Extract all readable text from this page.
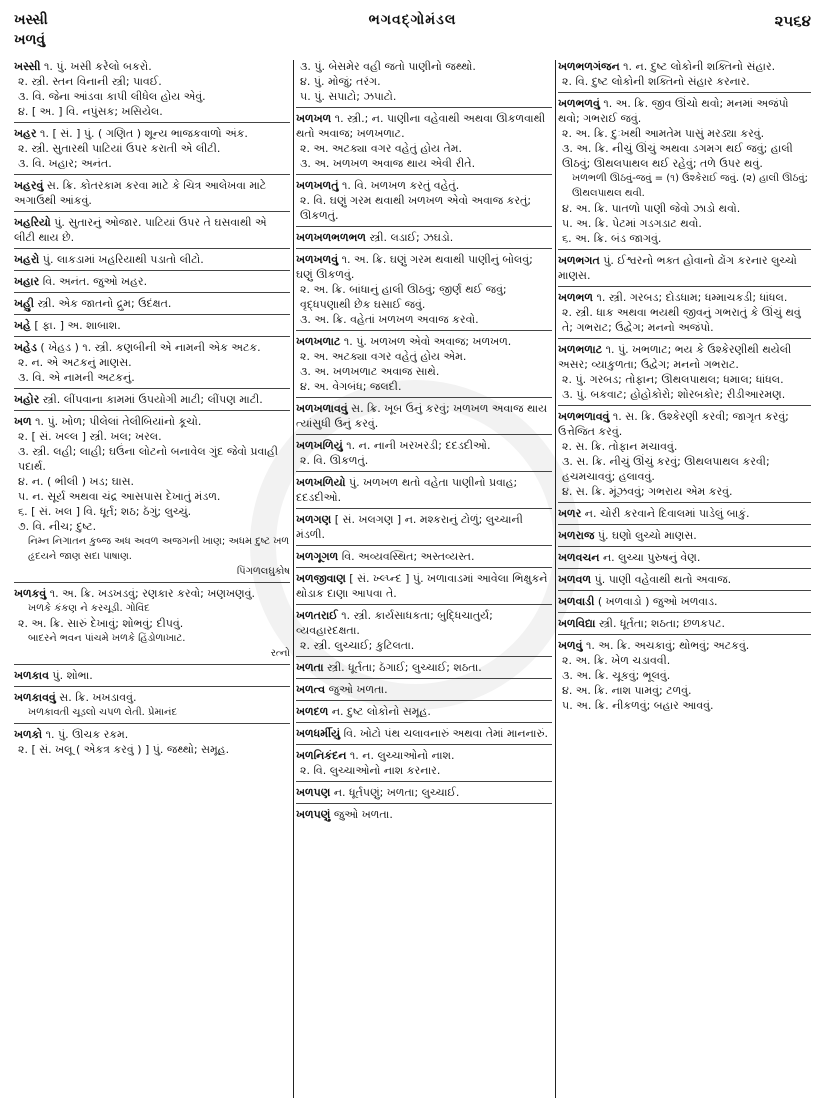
ખસ્સી
ખળવું
ભગવદ્ગોમંડલ	૨૫૬૪
ખસ્સી ૧. પું. ખસી કરેલો બકરો.
૨. સ્ત્રી. સ્તન વિનાની સ્ત્રી; પાવઈ.
૩. વિ. જેના આંડવા કાપી લીધેલ હોય એવું.
૪. [ અ. ] વિ. નપુંસક; ખસિયેલ.
ખહર ૧. [ સં. ] પું. ( ગણિત ) શૂન્ય ભાજકવાળો અંક.
૨. સ્ત્રી. સુતારથી પાટિયાં ઉપર કરાતી એ લીટી.
૩. વિ. ખહાર; અનંત.
ખહરવું સ. ક્રિ. કોતરકામ કરવા માટે કે ચિત્ર આલેખવા માટે અગાઉથી આંકવું.
ખહરિયો પું. સુતારનું ઓજાર. પાટિયાં ઉપર તે ઘસવાથી એ લીટી થાય છે.
ખહરો પું. લાકડામાં ખહરિયાથી પડાતો લીટો.
ખહાર વિ. અનંત. જુઓ ખહર.
ખહુી સ્ત્રી. એક જાતનો દ્રુમ; ઉદંક્ષત.
ખહે [ ફા. ] અ. શાબાશ.
ખહેડ ( ખેહડ ) ૧. સ્ત્રી. કણબીની એ નામની એક અટક.
૨. ન. એ અટકનું માણસ.
૩. વિ. એ નામની અટકનું.
ખહોર સ્ત્રી. લીંપવાના કામમાં ઉપયોગી માટી; લીંપણ માટી.
ખળ ૧. પું. ખોળ; પીલેલાં તેલીબિયાંનો કૂચો.
૨. [ સં. ખલ્લ ] સ્ત્રી. ખલ; ખરલ.
૩. સ્ત્રી. લહી; લાહી; ઘઉંના લોટનો બનાવેલ ગુંદ જેવો પ્રવાહી પદાર્થ.
૪. ન. ( ભીલી ) ખડ; ઘાસ.
૫. ન. સૂર્ય અથવા ચંદ્ર આસપાસ દેખાતું મંડળ.
૬. [ સં. ખલ ] વિ. ધૂર્ત; શઠ; ઠૅગું; લુચ્ચું.
૭. વિ. નીચ; દુષ્ટ.
નિમ્ન નિગાતન કુબ્જ અધ અવળ અજગની ખાણ; અધમ દુષ્ટ ખળ હૃદયને જાણ સદા પાષાણ.
પિંગળલઘુકોષ
ખળકવું ૧. અ. ક્રિ. ખડખડવું; રણકાર કરવો; ખણખણવું.
ખળકે કંકણ ને કરચૂડી. ગોવિંદ
૨. અ. ક્રિ. સારું દેખાવું; શોભવું; દીપવું.
બાદરને ભવન પાંચમે ખળકે હિંડોળાખાટ.
રત્નો
ખળકાવ પું. શોભા.
ખળકાવવું સ. ક્રિ. ખખડાવવું.
ખળકાવતી ચૂડલો ચપળ લેતી. પ્રેમાનંદ
ખળકો ૧. પું. ઊચક રકમ.
૨. [ સં. ખલૂ ( એકત્ર કરવું ) ] પું. જથ્થો; સમૂહ.
૩. પું. બેસમેર વહી જતો પાણીનો જથ્થો.
૪. પું. મોજું; તરંગ.
૫. પું. સપાટો; ઝપાટો.
ખળખળ ૧. સ્ત્રી.; ન. પાણીના વહેવાથી અથવા ઊકળવાથી થતો અવાજ; ખળખળાટ.
૨. અ. અટક્યા વગર વહેતું હોય તેમ.
૩. અ. ખળખળ અવાજ થાય એવી રીતે.
ખળખળતું ૧. વિ. ખળખળ કરતું વહેતું.
૨. વિ. ઘણું ગરમ થવાથી ખળખળ એવો અવાજ કરતું; ઊકળતું.
ખળખળભળભળ સ્ત્રી. લડાઈ; ઝઘડો.
ખળખળવું ૧. અ. ક્રિ. ઘણું ગરમ થવાથી પાણીનું બોલવું; ઘણું ઊકળવું.
૨. અ. ક્રિ. બાંધાનું હાલી ઊઠવું; જીર્ણ થઈ જવું; વૃદ્ધપણાથી છેક ઘસાઈ જવું.
૩. અ. ક્રિ. વહેતાં ખળખળ અવાજ કરવો.
ખળખળાટ ૧. પું. ખળખળ એવો અવાજ; ખળખળ.
૨. અ. અટક્યા વગર વહેતું હોય એમ.
૩. અ. ખળખળાટ અવાજ સાથે.
૪. અ. વેગબંધ; જલદી.
ખળખળાવવું સ. ક્રિ. ખૂબ ઉનું કરવું; ખળખળ અવાજ થાય ત્યાંસુધી ઉનું કરવું.
ખળખળિયું ૧. ન. નાની ખરખરડી; દદડદીઓ.
૨. વિ. ઊકળતું.
ખળખળિયો પું. ખળખળ થતો વહેતા પાણીનો પ્રવાહ; દદડદીઓ.
ખળગણ [ સં. ખલગણ ] ન. મશ્કરાનું ટોળું; લુચ્ચાની મંડળી.
ખળગૂગળ વિ. અવ્યવસ્થિત; અસ્તવ્યસ્ત.
ખળજીવાણ [ સં. ખ્લ્પ્ન્દ ] પું. ખળાવાડમાં આવેલા ભિક્ષુકને થોડાક દાણા આપવા તે.
ખળતરાઈ ૧. સ્ત્રી. કાર્યસાધકતા; બુદ્ધિચાતુર્ય; વ્યવહારદક્ષતા.
૨. સ્ત્રી. લુચ્ચાઈ; કુટિલતા.
ખળતા સ્ત્રી. ધૂર્તતા; ઠૅગાઈ; લુચ્ચાઈ; શઠતા.
ખળત્વ જુઓ ખળતા.
ખળદળ ન. દુષ્ટ લોકોનો સમૂહ.
ખળધર્મીયું વિ. ખોટો પંથ ચલાવનારું અથવા તેમાં માનનારું.
ખળનિકંદન ૧. ન. લુચ્ચાઓનો નાશ.
૨. વિ. લુચ્ચાઓનો નાશ કરનાર.
ખળપણ ન. ધૂર્તપણું; ખળતા; લુચ્ચાઈ.
ખળપણું જુઓ ખળતા.
ખળભળગંજન ૧. ન. દુષ્ટ લોકોની શક્તિનો સંહાર.
૨. વિ. દુષ્ટ લોકોની શક્તિનો સંહાર કરનાર.
ખળભળવું ૧. અ. ક્રિ. જીવ ઊંચો થવો; મનમાં અજંપો થવો; ગભરાઈ જવું.
૨. અ. ક્રિ. દુઃખથી આમતેમ પાસું મરડ્યા કરવું.
૩. અ. ક્રિ. નીચું ઊંચું અથવા ડગમગ થઈ જવું; હાલી ઊઠવું; ઊથલપાથલ થઈ રહેવું; તળે ઉપર થવું.
ખળભળી ઊઠવું-જવું = (૧) ઉશ્કેરાઈ જવું. (૨) હાલી ઊઠવું; ઊથલપાથલ થવી.
૪. અ. ક્રિ. પાતળો પાણી જેવો ઝાડો થવો.
૫. અ. ક્રિ. પેટમાં ગડગડાટ થવો.
૬. અ. ક્રિ. બંડ જાગવું.
ખળભગત પું. ઈશ્વરનો ભક્ત હોવાનો ઢોંગ કરનાર લુચ્ચો માણસ.
ખળભળ ૧. સ્ત્રી. ગરબડ; દોડધામ; ધમ્માચકડી; ધાંધલ.
૨. સ્ત્રી. ધાક અથવા ભયથી જીવનું ગભરાતું કે ઊંચું થવું તે; ગભરાટ; ઉદ્વેગ; મનનો અજંપો.
ખળભળાટ ૧. પું. ખભળાટ; ભય કે ઉશ્કેરણીથી થયેલી અસર; વ્યાકુળતા; ઉદ્વેગ; મનનો ગભરાટ.
૨. પું. ગરબડ; તોફાન; ઊથલપાથલ; ધમાલ; ધાંધલ.
૩. પું. બકવાટ; હોહોકોરો; શોરબકોર; રીડીઆરમણ.
ખળભળાવવું ૧. સ. ક્રિ. ઉશ્કેરણી કરવી; જાગૃત કરવું; ઉત્તેજિત કરવું.
૨. સ. ક્રિ. તોફાન મચાવવું.
૩. સ. ક્રિ. નીચું ઊંચું કરવું; ઊથલપાથલ કરવી; હચમચાવવું; હલાવવું.
૪. સ. ક્રિ. મૂંઝવવું; ગભરાય એમ કરવું.
ખળર ન. ચોરી કરવાને દિવાલમાં પાડેલું બાકું.
ખળરાજ પું. ઘણો લુચ્ચો માણસ.
ખળવચન ન. લુચ્ચા પુરુષનું વેણ.
ખળવળ પું. પાણી વહેવાથી થતો અવાજ.
ખળવાડી ( ખળવાડો ) જુઓ ખળવાડ.
ખળવિદ્યા સ્ત્રી. ધૂર્તતા; શઠતા; છળકપટ.
ખળવું ૧. અ. ક્રિ. અચકાવું; થોભવું; અટકવું.
૨. અ. ક્રિ. ખેળ ચડાવવી.
૩. અ. ક્રિ. ચૂકવું; ભૂલવું.
૪. અ. ક્રિ. નાશ પામવું; ટળવું.
૫. અ. ક્રિ. નીકળવું; બહાર આવવું.
